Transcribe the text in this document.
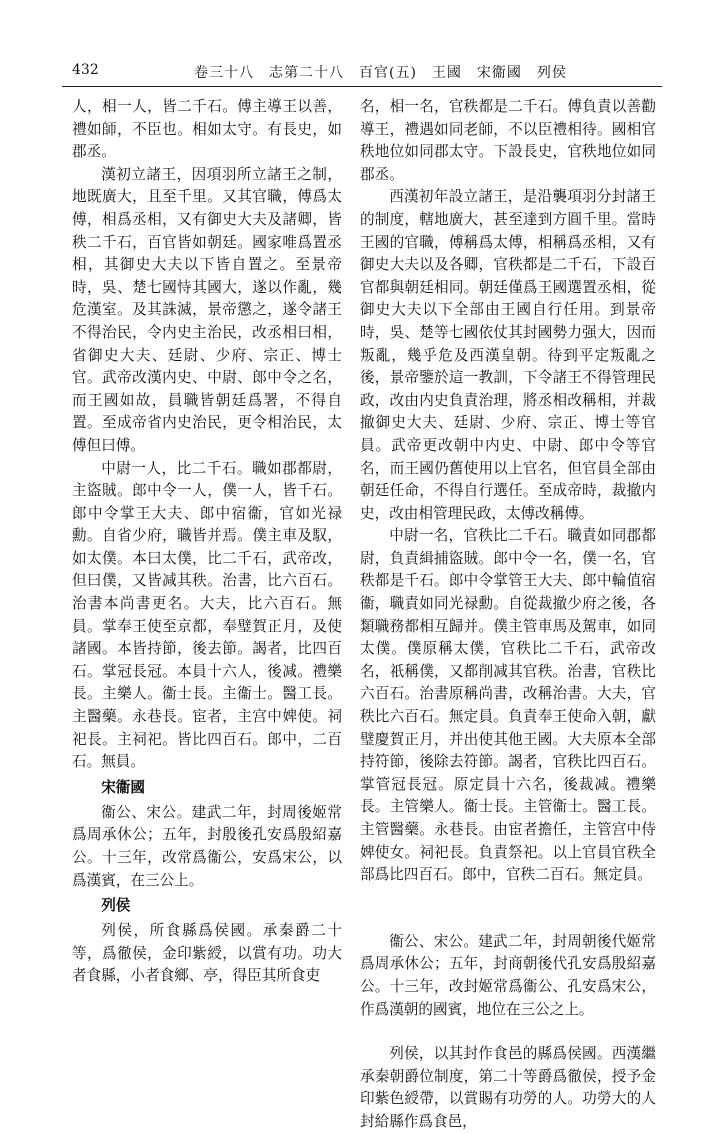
432	卷三十八　志第二十八　百官(五)　王國　宋衞國　列侯

人，相一人，皆二千石。傅主導王以善，禮如師，不臣也。相如太守。有長史，如郡丞。

漢初立諸王，因項羽所立諸王之制，地既廣大，且至千里。又其官職，傅爲太傅，相爲丞相，又有御史大夫及諸卿，皆秩二千石，百官皆如朝廷。國家唯爲置丞相，其御史大夫以下皆自置之。至景帝時，吳、楚七國恃其國大，遂以作亂，幾危漢室。及其誅滅，景帝懲之，遂令諸王不得治民，令内史主治民，改丞相曰相，省御史大夫、廷尉、少府、宗正、博士官。武帝改漢内史、中尉、郎中令之名，而王國如故，員職皆朝廷爲署，不得自置。至成帝省内史治民，更令相治民，太傅但曰傅。

中尉一人，比二千石。職如郡都尉，主盜賊。郎中令一人，僕一人，皆千石。郎中令掌王大夫、郎中宿衞，官如光禄勳。自省少府，職皆并焉。僕主車及馭，如太僕。本曰太僕，比二千石，武帝改，但曰僕，又皆减其秩。治書，比六百石。治書本尚書更名。大夫，比六百石。無員。掌奉王使至京都，奉璧賀正月，及使諸國。本皆持節，後去節。謁者，比四百石。掌冠長冠。本員十六人，後减。禮樂長。主樂人。衞士長。主衞士。醫工長。主醫藥。永巷長。宦者，主宫中婢使。祠祀長。主祠祀。皆比四百石。郎中，二百石。無員。

宋衞國

衞公、宋公。建武二年，封周後姬常爲周承休公；五年，封殷後孔安爲殷紹嘉公。十三年，改常爲衞公，安爲宋公，以爲漢賓，在三公上。

列侯

列侯，所食縣爲侯國。承秦爵二十等，爲徹侯，金印紫綬，以賞有功。功大者食縣，小者食鄉、亭，得臣其所食吏

名，相一名，官秩都是二千石。傅負責以善勸導王，禮遇如同老師，不以臣禮相待。國相官秩地位如同郡太守。下設長史，官秩地位如同郡丞。

西漢初年設立諸王，是沿襲項羽分封諸王的制度，轄地廣大，甚至達到方圓千里。當時王國的官職，傅稱爲太傅，相稱爲丞相，又有御史大夫以及各卿，官秩都是二千石，下設百官都與朝廷相同。朝廷僅爲王國選置丞相，從御史大夫以下全部由王國自行任用。到景帝時，吳、楚等七國依仗其封國勢力强大，因而叛亂，幾乎危及西漢皇朝。待到平定叛亂之後，景帝鑒於這一教訓，下令諸王不得管理民政，改由内史負責治理，將丞相改稱相，并裁撤御史大夫、廷尉、少府、宗正、博士等官員。武帝更改朝中内史、中尉、郎中令等官名，而王國仍舊使用以上官名，但官員全部由朝廷任命，不得自行選任。至成帝時，裁撤内史，改由相管理民政，太傅改稱傅。

中尉一名，官秩比二千石。職責如同郡都尉，負責緝捕盜賊。郎中令一名，僕一名，官秩都是千石。郎中令掌管王大夫、郎中輪值宿衞，職責如同光禄勳。自從裁撤少府之後，各類職務都相互歸并。僕主管車馬及駕車，如同太僕。僕原稱太僕，官秩比二千石，武帝改名，祇稱僕，又都削减其官秩。治書，官秩比六百石。治書原稱尚書，改稱治書。大夫，官秩比六百石。無定員。負責奉王使命入朝，獻璧慶賀正月，并出使其他王國。大夫原本全部持符節，後除去符節。謁者，官秩比四百石。掌管冠長冠。原定員十六名，後裁减。禮樂長。主管樂人。衞士長。主管衞士。醫工長。主管醫藥。永巷長。由宦者擔任，主管宫中侍婢使女。祠祀長。負責祭祀。以上官員官秩全部爲比四百石。郎中，官秩二百石。無定員。

衞公、宋公。建武二年，封周朝後代姬常爲周承休公；五年，封商朝後代孔安爲殷紹嘉公。十三年，改封姬常爲衞公、孔安爲宋公，作爲漢朝的國賓，地位在三公之上。

列侯，以其封作食邑的縣爲侯國。西漢繼承秦朝爵位制度，第二十等爵爲徹侯，授予金印紫色綬帶，以賞賜有功勞的人。功勞大的人封給縣作爲食邑，
